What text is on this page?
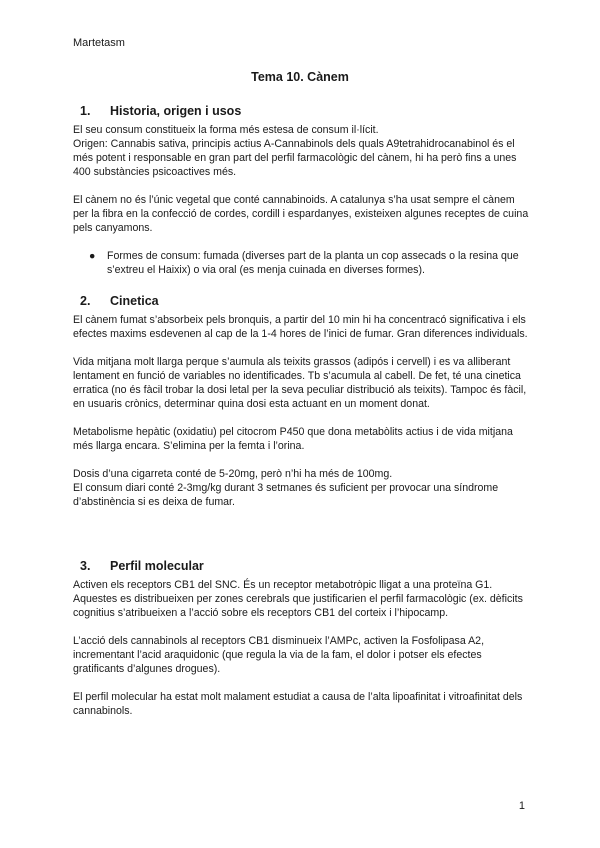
Martetasm
Tema 10. Cànem
1. Historia, origen i usos

El seu consum constitueix la forma més estesa de consum il·lícit.

Origen: Cannabis sativa, principis actius A-Cannabinols dels quals A9tetrahidrocanabinol és el més potent i responsable en gran part del perfil farmacològic del cànem, hi ha però fins a unes 400 substàncies psicoactives més.

El cànem no és l’únic vegetal que conté cannabinoids. A catalunya s’ha usat sempre el cànem per la fibra en la confecció de cordes, cordill i espardanyes, existeixen algunes receptes de cuina pels canyamons.

● Formes de consum: fumada (diverses part de la planta un cop assecads o la resina que s’extreu el Haixix) o via oral (es menja cuinada en diverses formes).
2. Cinetica

El cànem fumat s’absorbeix pels bronquis, a partir del 10 min hi ha concentracó significativa i els efectes maxims esdevenen al cap de la 1-4 hores de l’inici de fumar. Gran diferences individuals.

Vida mitjana molt llarga perque s’aumula als teixits grassos (adipós i cervell) i es va alliberant lentament en funció de variables no identificades. Tb s’acumula al cabell. De fet, té una cinetica erratica (no és fàcil trobar la dosi letal per la seva peculiar distribució als teixits). Tampoc és fàcil, en usuaris crònics, determinar quina dosi esta actuant en un moment donat.

Metabolisme hepàtic (oxidatiu) pel citocrom P450 que dona metabòlits actius i de vida mitjana més llarga encara. S’elimina per la femta i l’orina.

Dosis d’una cigarreta conté de 5-20mg, però n’hi ha més de 100mg.

El consum diari conté 2-3mg/kg durant 3 setmanes és suficient per provocar una síndrome d’abstinència si es deixa de fumar.

3. Perfil molecular

Activen els receptors CB1 del SNC. És un receptor metabotròpic lligat a una proteïna G1. Aquestes es distribueixen per zones cerebrals que justificarien el perfil farmacològic (ex. dèficits cognitius s’atribueixen a l’acció sobre els receptors CB1 del corteix i l’hipocamp.

L’acció dels cannabinols al receptors CB1 disminueix l’AMPc, activen la Fosfolipasa A2, incrementant l’acid araquidonic (que regula la via de la fam, el dolor i potser els efectes gratificants d’algunes drogues).

El perfil molecular ha estat molt malament estudiat a causa de l’alta lipoafinitat i vitroafinitat dels cannabinols.

1
